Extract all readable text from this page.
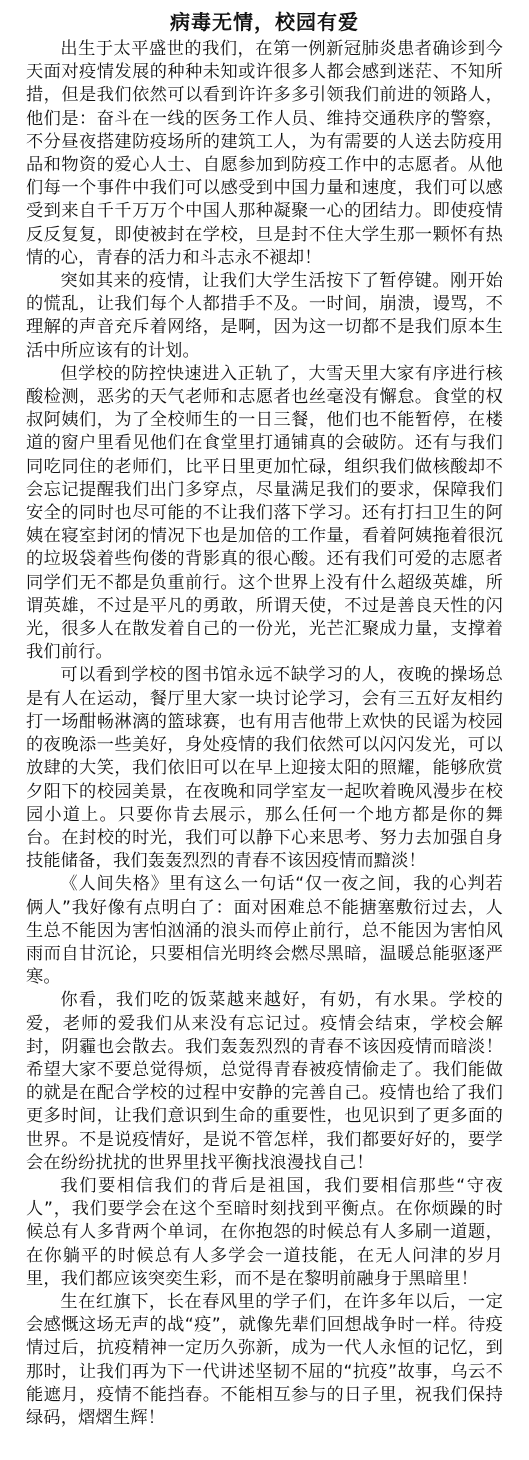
病毒无情，校园有爱

出生于太平盛世的我们，在第一例新冠肺炎患者确诊到今天面对疫情发展的种种未知或许很多人都会感到迷茫、不知所措，但是我们依然可以看到许许多多引领我们前进的领路人，他们是：奋斗在一线的医务工作人员、维持交通秩序的警察，不分昼夜搭建防疫场所的建筑工人，为有需要的人送去防疫用品和物资的爱心人士、自愿参加到防疫工作中的志愿者。从他们每一个事件中我们可以感受到中国力量和速度，我们可以感受到来自千千万万个中国人那种凝聚一心的团结力。即使疫情反反复复，即使被封在学校，旦是封不住大学生那一颗怀有热情的心，青春的活力和斗志永不褪却！

突如其来的疫情，让我们大学生活按下了暂停键。刚开始的慌乱，让我们每个人都措手不及。一时间，崩溃，谩骂，不理解的声音充斥着网络，是啊，因为这一切都不是我们原本生活中所应该有的计划。

但学校的防控快速进入正轨了，大雪天里大家有序进行核酸检测，恶劣的天气老师和志愿者也丝毫没有懈怠。食堂的权叔阿姨们，为了全校师生的一日三餐，他们也不能暂停，在楼道的窗户里看见他们在食堂里打通铺真的会破防。还有与我们同吃同住的老师们，比平日里更加忙碌，组织我们做核酸却不会忘记提醒我们出门多穿点，尽量满足我们的要求，保障我们安全的同时也尽可能的不让我们落下学习。还有打扫卫生的阿姨在寝室封闭的情况下也是加倍的工作量，看着阿姨拖着很沉的垃圾袋着些佝偻的背影真的很心酸。还有我们可爱的志愿者同学们无不都是负重前行。这个世界上没有什么超级英雄，所谓英雄，不过是平凡的勇敢，所谓天使，不过是善良天性的闪光，很多人在散发着自己的一份光，光芒汇聚成力量，支撑着我们前行。

可以看到学校的图书馆永远不缺学习的人，夜晚的操场总是有人在运动，餐厅里大家一块讨论学习，会有三五好友相约打一场酣畅淋漓的篮球赛，也有用吉他带上欢快的民谣为校园的夜晚添一些美好，身处疫情的我们依然可以闪闪发光，可以放肆的大笑，我们依旧可以在早上迎接太阳的照耀，能够欣赏夕阳下的校园美景，在夜晚和同学室友一起吹着晚风漫步在校园小道上。只要你肯去展示，那么任何一个地方都是你的舞台。在封校的时光，我们可以静下心来思考、努力去加强自身技能储备，我们轰轰烈烈的青春不该因疫情而黯淡！

《人间失格》里有这么一句话“仅一夜之间，我的心判若俩人”我好像有点明白了：面对困难总不能搪塞敷衍过去，人生总不能因为害怕汹涌的浪头而停止前行，总不能因为害怕风雨而自甘沉论，只要相信光明终会燃尽黑暗，温暖总能驱逐严寒。

你看，我们吃的饭菜越来越好，有奶，有水果。学校的爱，老师的爱我们从来没有忘记过。疫情会结束，学校会解封，阴霾也会散去。我们轰轰烈烈的青春不该因疫情而暗淡！希望大家不要总觉得烦，总觉得青春被疫情偷走了。我们能做的就是在配合学校的过程中安静的完善自己。疫情也给了我们更多时间，让我们意识到生命的重要性，也见识到了更多面的世界。不是说疫情好，是说不管怎样，我们都要好好的，要学会在纷纷扰扰的世界里找平衡找浪漫找自己！

我们要相信我们的背后是祖国，我们要相信那些“守夜人”，我们要学会在这个至暗时刻找到平衡点。在你烦躁的时候总有人多背两个单词，在你抱怨的时候总有人多刷一道题，在你躺平的时候总有人多学会一道技能，在无人问津的岁月里，我们都应该突奕生彩，而不是在黎明前融身于黑暗里！

生在红旗下，长在春风里的学子们，在许多年以后，一定会感慨这场无声的战“疫”，就像先辈们回想战争时一样。待疫情过后，抗疫精神一定历久弥新，成为一代人永恒的记忆，到那时，让我们再为下一代讲述坚韧不屈的“抗疫”故事，乌云不能遮月，疫情不能挡春。不能相互参与的日子里，祝我们保持绿码，熠熠生辉！
